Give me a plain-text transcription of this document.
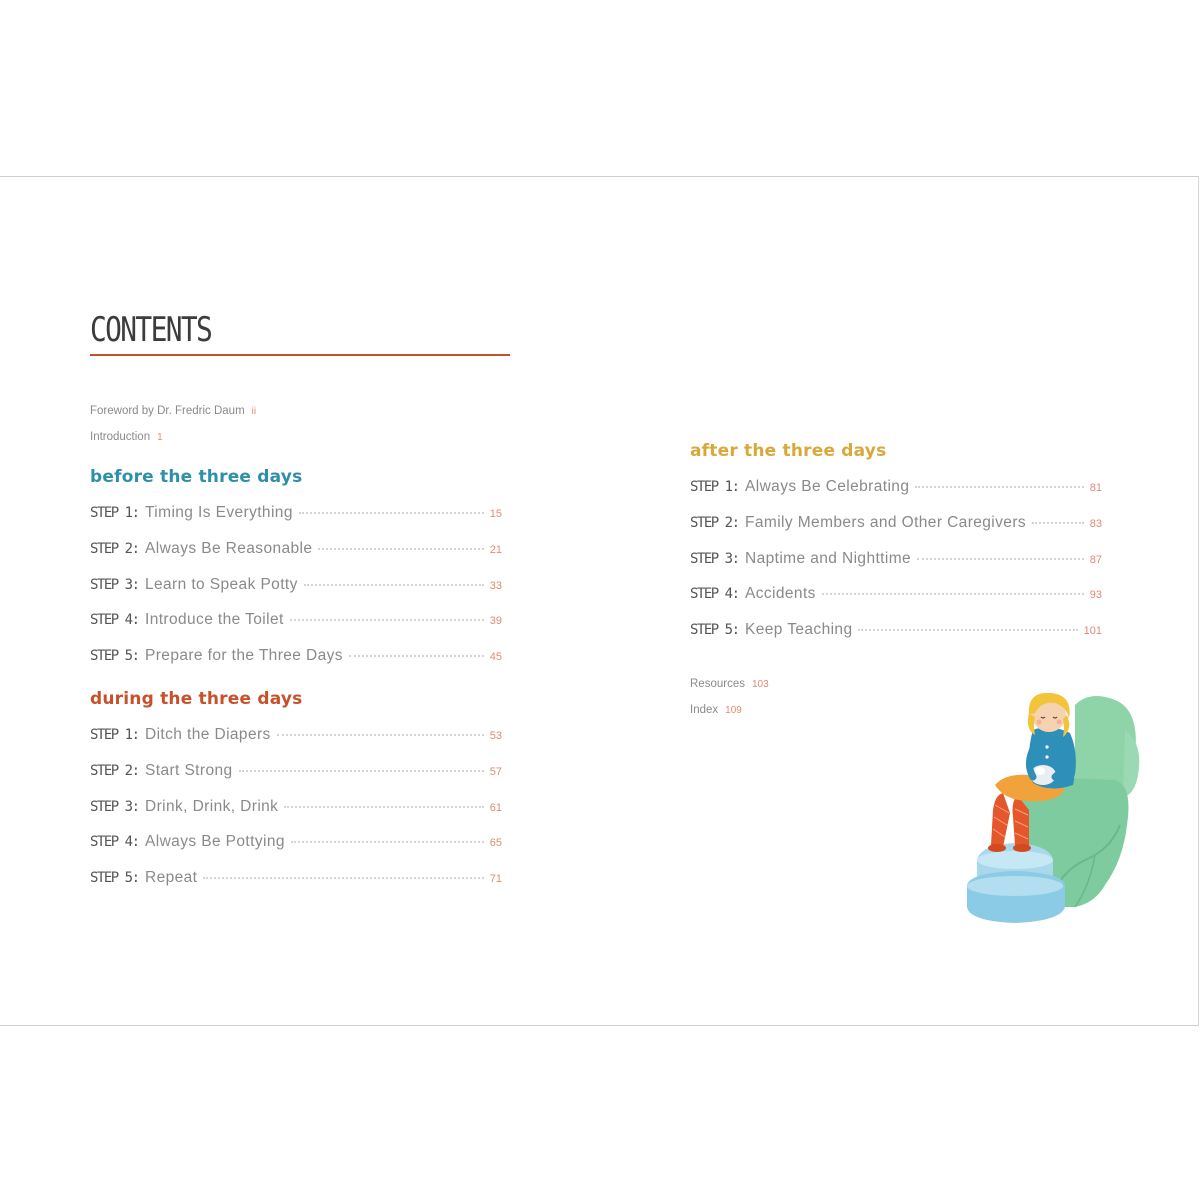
CONTENTS
Foreword by Dr. Fredric Daum ii
Introduction 1
before the three days
STEP 1: Timing Is Everything	15
STEP 2: Always Be Reasonable	21
STEP 3: Learn to Speak Potty	33
STEP 4: Introduce the Toilet	39
STEP 5: Prepare for the Three Days	45
during the three days
STEP 1: Ditch the Diapers	53
STEP 2: Start Strong	57
STEP 3: Drink, Drink, Drink	61
STEP 4: Always Be Pottying	65
STEP 5: Repeat	71
after the three days
STEP 1: Always Be Celebrating	81
STEP 2: Family Members and Other Caregivers	83
STEP 3: Naptime and Nighttime	87
STEP 4: Accidents	93
STEP 5: Keep Teaching	101
Resources 103
Index 109
